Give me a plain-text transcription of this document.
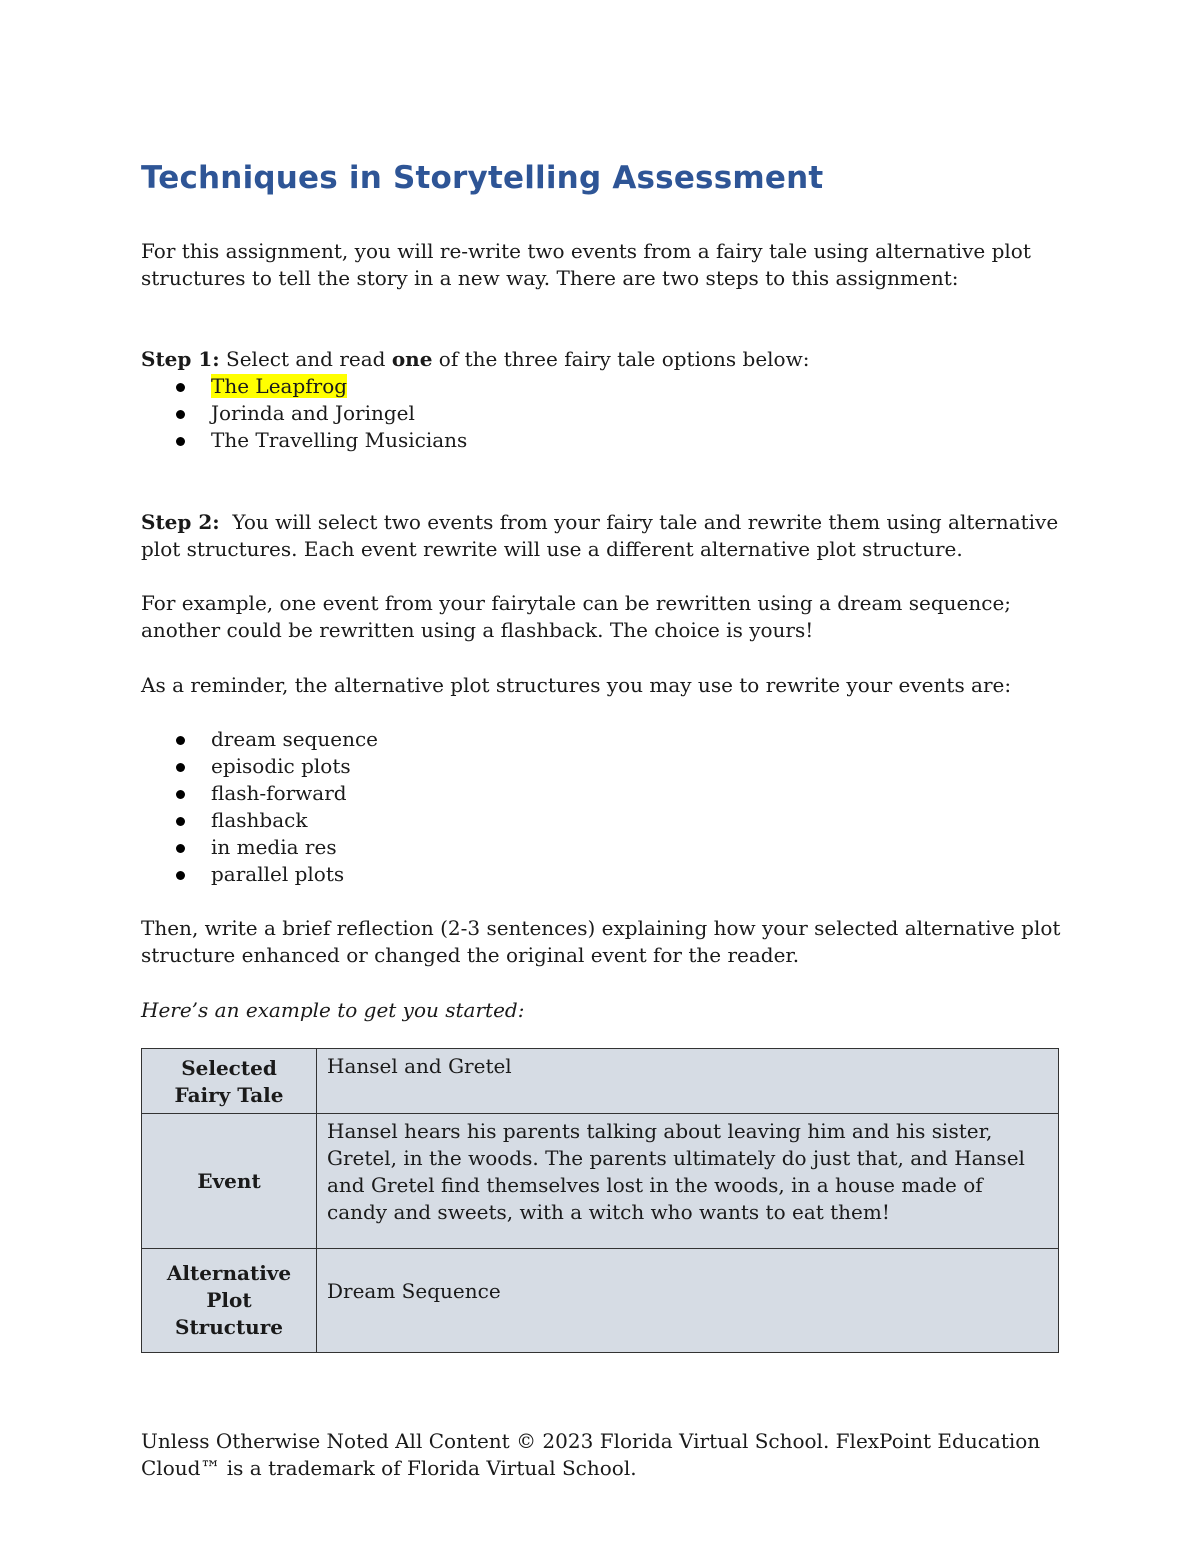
Techniques in Storytelling Assessment

For this assignment, you will re-write two events from a fairy tale using alternative plot structures to tell the story in a new way. There are two steps to this assignment:

Step 1: Select and read one of the three fairy tale options below:

The Leapfrog
Jorinda and Joringel
The Travelling Musicians

Step 2:  You will select two events from your fairy tale and rewrite them using alternative plot structures. Each event rewrite will use a different alternative plot structure.

For example, one event from your fairytale can be rewritten using a dream sequence; another could be rewritten using a flashback. The choice is yours!

As a reminder, the alternative plot structures you may use to rewrite your events are:

dream sequence
episodic plots
flash-forward
flashback
in media res
parallel plots

Then, write a brief reflection (2-3 sentences) explaining how your selected alternative plot structure enhanced or changed the original event for the reader.

Here’s an example to get you started:

Selected Fairy Tale	Hansel and Gretel
Event	Hansel hears his parents talking about leaving him and his sister, Gretel, in the woods. The parents ultimately do just that, and Hansel and Gretel find themselves lost in the woods, in a house made of candy and sweets, with a witch who wants to eat them!
Alternative Plot Structure	Dream Sequence

Unless Otherwise Noted All Content © 2023 Florida Virtual School. FlexPoint Education Cloud™ is a trademark of Florida Virtual School.
